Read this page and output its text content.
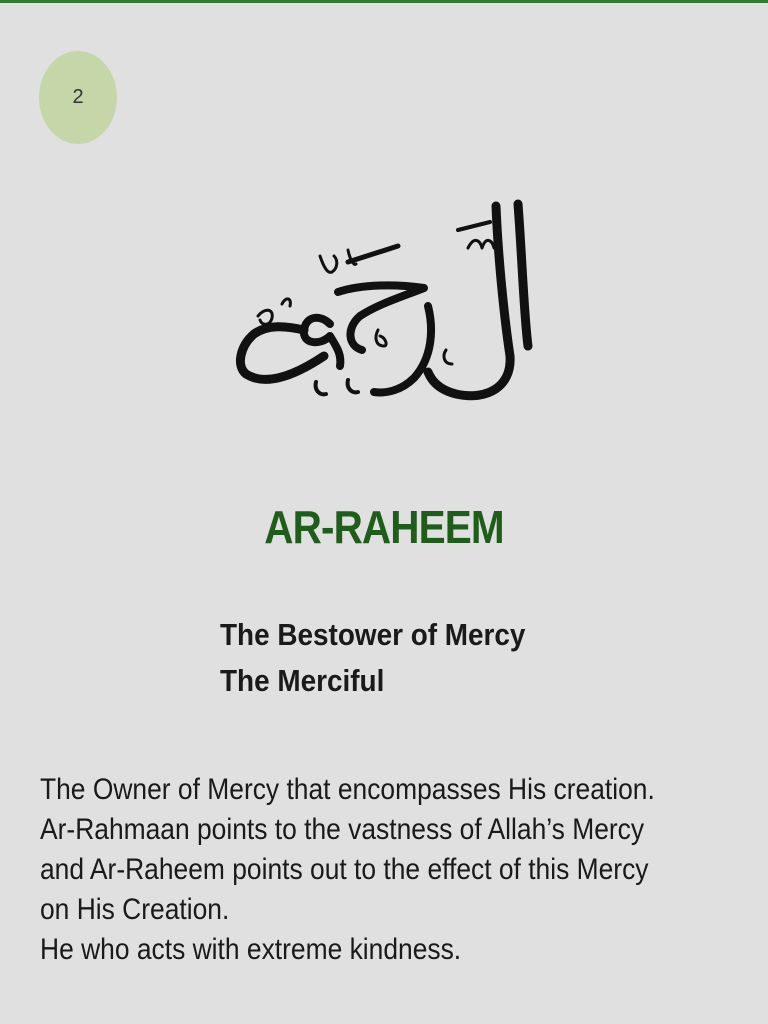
2
AR-RAHEEM
The Bestower of Mercy
The Merciful
The Owner of Mercy that encompasses His creation.
Ar-Rahmaan points to the vastness of Allah’s Mercy
and Ar-Raheem points out to the effect of this Mercy
on His Creation.
He who acts with extreme kindness.
